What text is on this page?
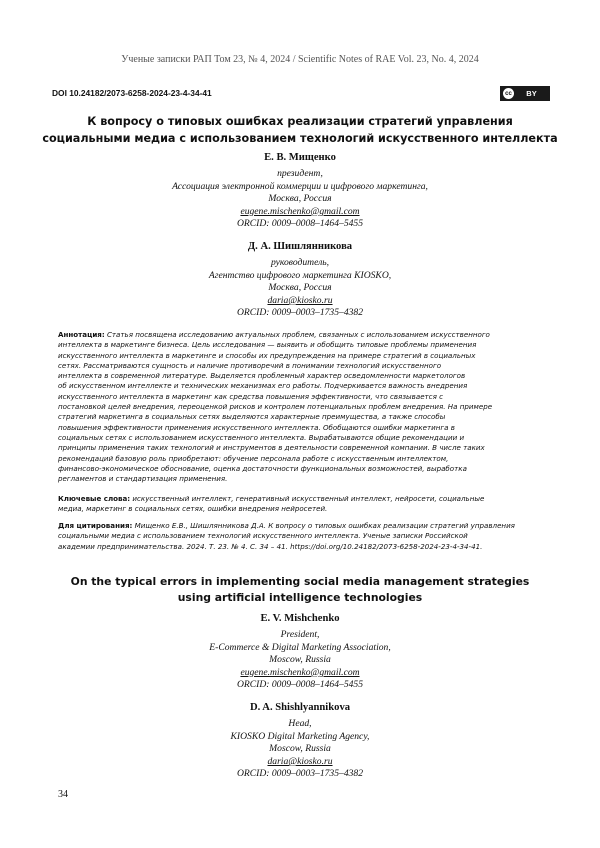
Ученые записки РАП Том 23, № 4, 2024 / Scientific Notes of RAE Vol. 23, No. 4, 2024
DOI 10.24182/2073-6258-2024-23-4-34-41	cc	BY
К вопросу о типовых ошибках реализации стратегий управления
социальными медиа с использованием технологий искусственного интеллекта
Е. В. Мищенко
президент,
Ассоциация электронной коммерции и цифрового маркетинга,
Москва, Россия
eugene.mischenko@gmail.com
ORCID: 0009–0008–1464–5455
Д. А. Шишлянникова
руководитель,
Агентство цифрового маркетинга KIOSKO,
Москва, Россия
daria@kiosko.ru
ORCID: 0009–0003–1735–4382
Аннотация: Статья посвящена исследованию актуальных проблем, связанных с использованием искусственного
интеллекта в маркетинге бизнеса. Цель исследования — выявить и обобщить типовые проблемы применения
искусственного интеллекта в маркетинге и способы их предупреждения на примере стратегий в социальных
сетях. Рассматриваются сущность и наличие противоречий в понимании технологий искусственного
интеллекта в современной литературе. Выделяется проблемный характер осведомленности маркетологов
об искусственном интеллекте и технических механизмах его работы. Подчеркивается важность внедрения
искусственного интеллекта в маркетинг как средства повышения эффективности, что связывается с
постановкой целей внедрения, переоценкой рисков и контролем потенциальных проблем внедрения. На примере
стратегий маркетинга в социальных сетях выделяются характерные преимущества, а также способы
повышения эффективности применения искусственного интеллекта. Обобщаются ошибки маркетинга в
социальных сетях с использованием искусственного интеллекта. Вырабатываются общие рекомендации и
принципы применения таких технологий и инструментов в деятельности современной компании. В числе таких
рекомендаций базовую роль приобретают: обучение персонала работе с искусственным интеллектом,
финансово-экономическое обоснование, оценка достаточности функциональных возможностей, выработка
регламентов и стандартизация применения.
Ключевые слова: искусственный интеллект, генеративный искусственный интеллект, нейросети, социальные
медиа, маркетинг в социальных сетях, ошибки внедрения нейросетей.
Для цитирования: Мищенко Е.В., Шишлянникова Д.А. К вопросу о типовых ошибках реализации стратегий управления
социальными медиа с использованием технологий искусственного интеллекта. Ученые записки Российской
академии предпринимательства. 2024. Т. 23. № 4. С. 34 – 41. https://doi.org/10.24182/2073-6258-2024-23-4-34-41.
On the typical errors in implementing social media management strategies
using artificial intelligence technologies
E. V. Mishchenko
President,
E-Commerce & Digital Marketing Association,
Moscow, Russia
eugene.mischenko@gmail.com
ORCID: 0009–0008–1464–5455
D. A. Shishlyannikova
Head,
KIOSKO Digital Marketing Agency,
Moscow, Russia
daria@kiosko.ru
ORCID: 0009–0003–1735–4382
34
